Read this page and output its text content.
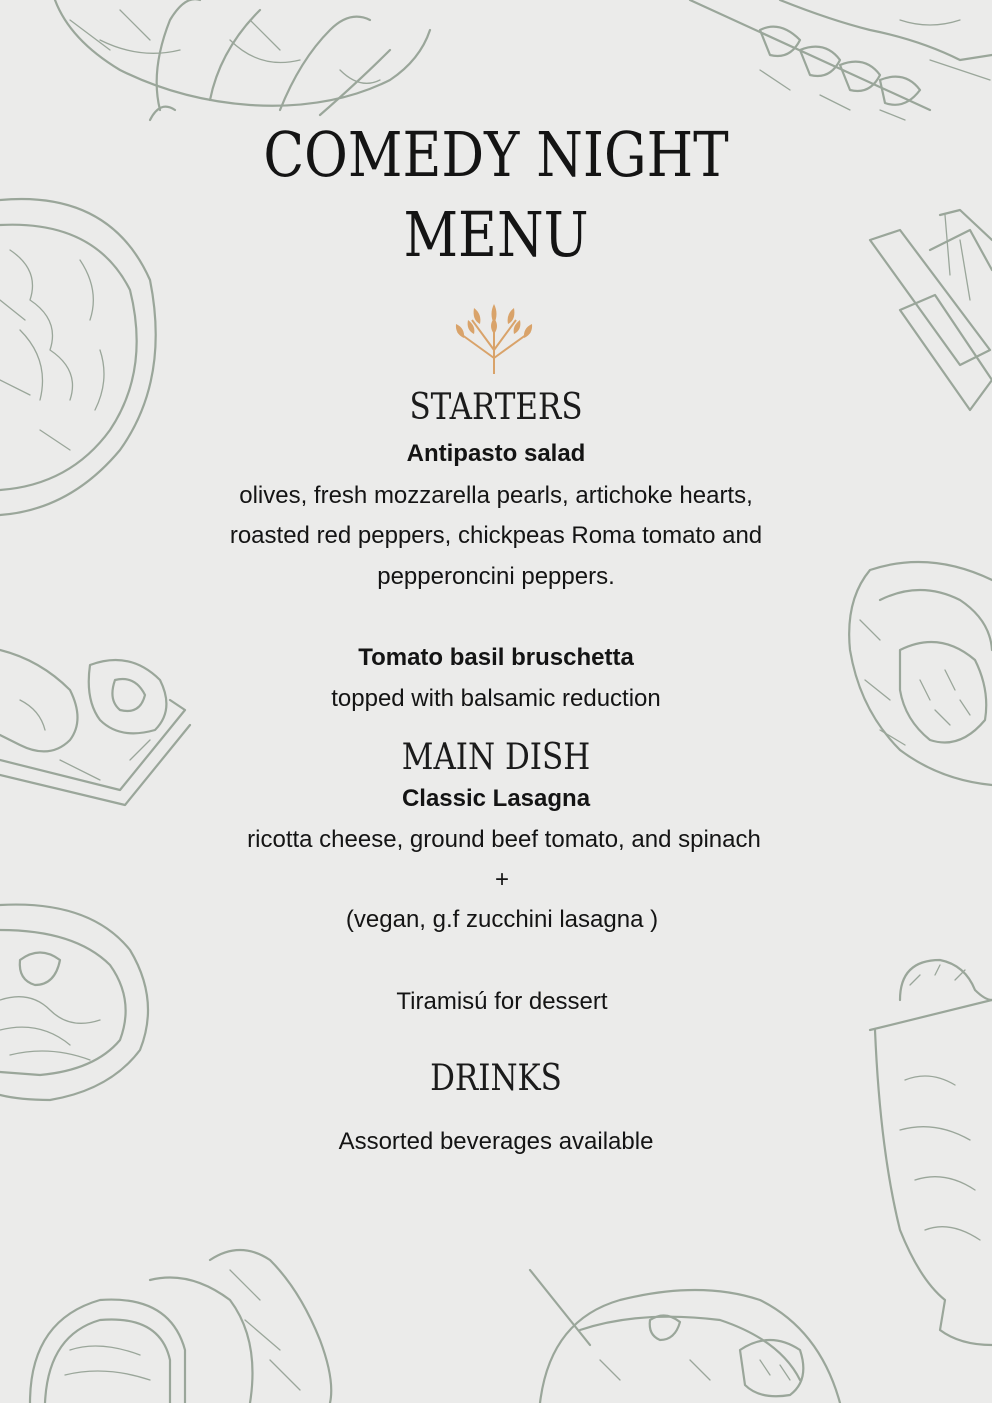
COMEDY NIGHT
MENU
STARTERS
Antipasto salad
olives, fresh mozzarella pearls, artichoke hearts,
roasted red peppers, chickpeas Roma tomato and
pepperoncini peppers.
Tomato basil bruschetta
topped with balsamic reduction
MAIN DISH
Classic Lasagna
ricotta cheese, ground beef tomato, and spinach
+
(vegan, g.f zucchini lasagna )
Tiramisú for dessert
DRINKS
Assorted beverages available
